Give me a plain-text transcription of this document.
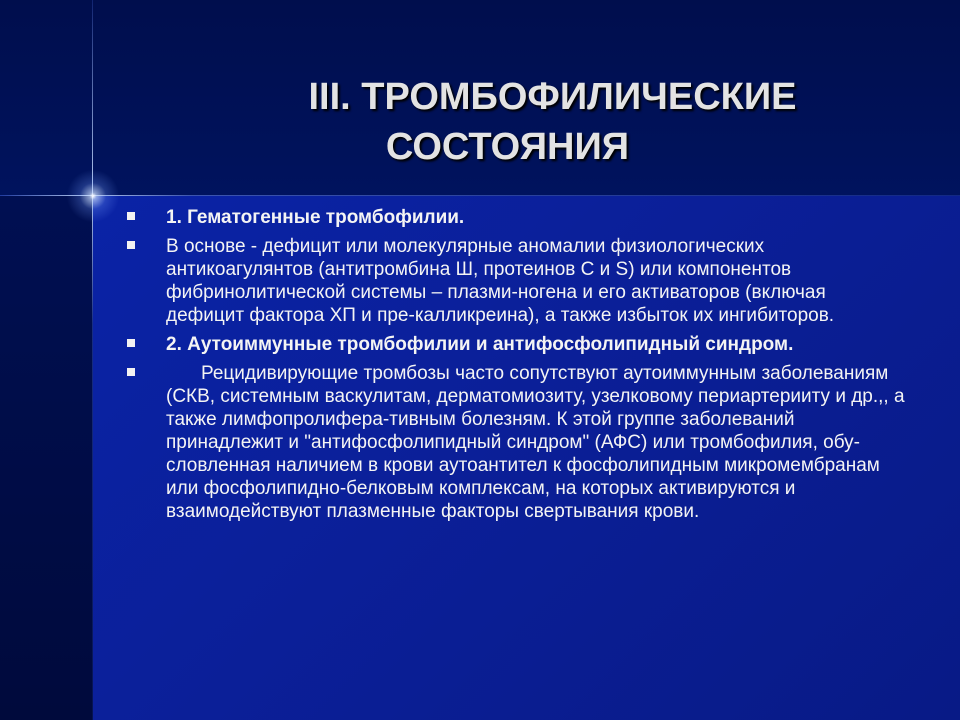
III. ТРОМБОФИЛИЧЕСКИЕ
СОСТОЯНИЯ
1. Гематогенные тромбофилии.
В основе - дефицит или молекулярные аномалии физиологических антикоагулянтов (антитромбина Ш, протеинов С и S) или компонентов фибринолитической системы – плазми-ногена и его активаторов (включая дефицит фактора ХП и пре-калликреина), а также избыток их ингибиторов.
2. Аутоиммунные тромбофилии и антифосфолипидный синдром.
Рецидивирующие тромбозы часто сопутствуют аутоиммунным заболеваниям (СКВ, системным васкулитам, дерматомиозиту, узелковому периартерииту и др.,, а также лимфопролифера-тивным болезням. К этой группе заболеваний принадлежит и "антифосфолипидный синдром" (АФС) или тромбофилия, обу-словленная наличием в крови аутоантител к фосфолипидным микромембранам или фосфолипидно-белковым комплексам, на которых активируются и взаимодействуют плазменные факторы свертывания крови.
